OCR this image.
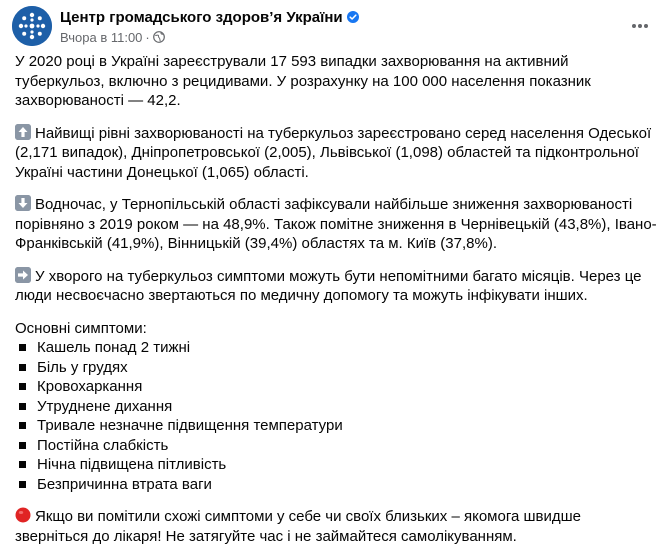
Центр громадського здоров’я України
Вчора в 11:00 ·

У 2020 році в Україні зареєстрували 17 593 випадки захворювання на активний туберкульоз, включно з рецидивами. У розрахунку на 100 000 населення показник захворюваності — 42,2.

Найвищі рівні захворюваності на туберкульоз зареєстровано серед населення Одеської (2,171 випадок), Дніпропетровської (2,005), Львівської (1,098) областей та підконтрольної Україні частини Донецької (1,065) області.

Водночас, у Тернопільській області зафіксували найбільше зниження захворюваності порівняно з 2019 роком — на 48,9%. Також помітне зниження в Чернівецькій (43,8%), Івано-Франківській (41,9%), Вінницькій (39,4%) областях та м. Київ (37,8%).

У хворого на туберкульоз симптоми можуть бути непомітними багато місяців. Через це люди несвоєчасно звертаються по медичну допомогу та можуть інфікувати інших.

Основні симптоми:
Кашель понад 2 тижні
Біль у грудях
Кровохаркання
Утруднене дихання
Тривале незначне підвищення температури
Постійна слабкість
Нічна підвищена пітливість
Безпричинна втрата ваги

Якщо ви помітили схожі симптоми у себе чи своїх близьких – якомога швидше зверніться до лікаря! Не затягуйте час і не займайтеся самолікуванням.
